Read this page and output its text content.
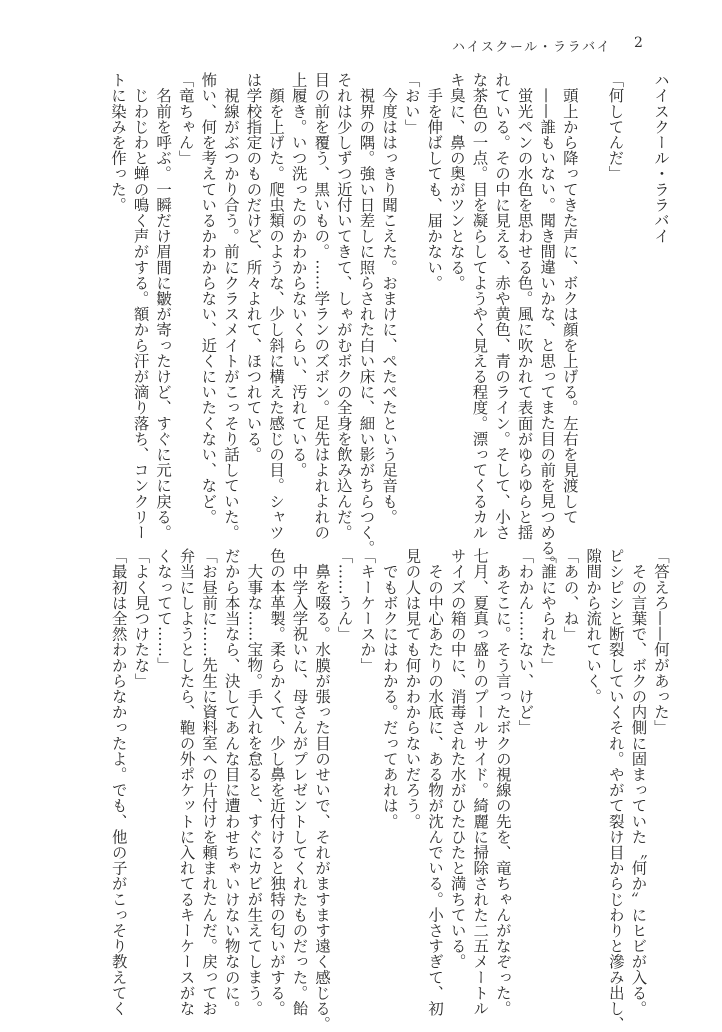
ハイスクール・ララバイ 2
ハイスクール・ララバイ
「何してんだ」
　頭上から降ってきた声に、ボクは顔を上げる。左右を見渡して
　——誰もいない。聞き間違いかな、と思ってまた目の前を見つめる。
　蛍光ペンの水色を思わせる色。風に吹かれて表面がゆらゆらと揺
れている。その中に見える、赤や黄色、青のライン。そして、小さ
な茶色の一点。目を凝らしてようやく見える程度。漂ってくるカル
キ臭に、鼻の奥がツンとなる。
　手を伸ばしても、届かない。
「おい」
　今度ははっきり聞こえた。おまけに、ぺたぺたという足音も。
　視界の隅。強い日差しに照らされた白い床に、細い影がちらつく。
それは少しずつ近付いてきて、しゃがむボクの全身を飲み込んだ。
目の前を覆う、黒いもの。……学ランのズボン。足先はよれよれの
上履き。いつ洗ったのかわからないくらい、汚れている。
　顔を上げた。爬虫類のような、少し斜に構えた感じの目。シャツ
は学校指定のものだけど、所々よれて、ほつれている。
　視線がぶつかり合う。前にクラスメイトがこっそり話していた。
怖い、何を考えているかわからない、近くにいたくない、など。
「竜ちゃん」
　名前を呼ぶ。一瞬だけ眉間に皺が寄ったけど、すぐに元に戻る。
　じわじわと蝉の鳴く声がする。額から汗が滴り落ち、コンクリー
トに染みを作った。
「答えろ——何があった」
　その言葉で、ボクの内側に固まっていた〝何か〟にヒビが入る。
ピシピシと断裂していくそれ。やがて裂け目からじわりと滲み出し、
隙間から流れていく。
「あの、ね」
「誰にやられた」
「わかん……ない、けど」
　あそこに。そう言ったボクの視線の先を、竜ちゃんがなぞった。
七月、夏真っ盛りのプールサイド。綺麗に掃除された二五メートル
サイズの箱の中に、消毒された水がひたひたと満ちている。
　その中心あたりの水底に、ある物が沈んでいる。小さすぎて、初
見の人は見ても何かわからないだろう。
　でもボクにはわかる。だってあれは。
「キーケースか」
「……うん」
　鼻を啜る。水膜が張った目のせいで、それがますます遠く感じる。
　中学入学祝いに、母さんがプレゼントしてくれたものだった。飴
色の本革製。柔らかくて、少し鼻を近付けると独特の匂いがする。
　大事な……宝物。手入れを怠ると、すぐにカビが生えてしまう。
だから本当なら、決してあんな目に遭わせちゃいけない物なのに。
「お昼前に……先生に資料室への片付けを頼まれたんだ。戻ってお
弁当にしようとしたら、鞄の外ポケットに入れてるキーケースがな
くなってて……」
「よく見つけたな」
「最初は全然わからなかったよ。でも、他の子がこっそり教えてく
